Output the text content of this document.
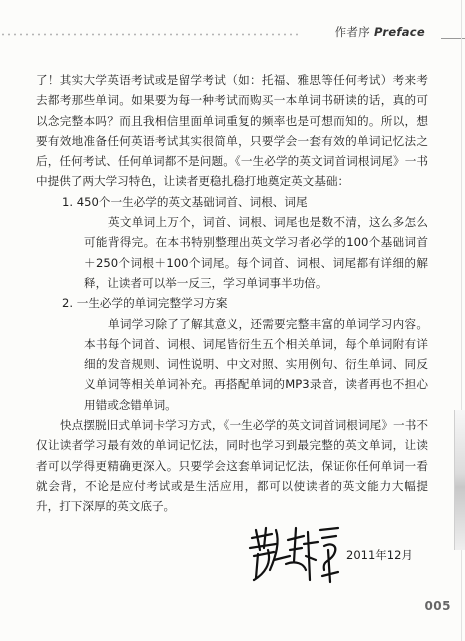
作者序 Preface

了！其实大学英语考试或是留学考试（如：托福、雅思等任何考试）考来考去都考那些单词。如果要为每一种考试而购买一本单词书研读的话，真的可以念完整本吗？而且我相信里面单词重复的频率也是可想而知的。所以，想要有效地准备任何英语考试其实很简单，只要学会一套有效的单词记忆法之后，任何考试、任何单词都不是问题。《一生必学的英文词首词根词尾》一书中提供了两大学习特色，让读者更稳扎稳打地奠定英文基础：

1. 450个一生必学的英文基础词首、词根、词尾

英文单词上万个，词首、词根、词尾也是数不清，这么多怎么可能背得完。在本书特别整理出英文学习者必学的100个基础词首＋250个词根＋100个词尾。每个词首、词根、词尾都有详细的解释，让读者可以举一反三，学习单词事半功倍。

2. 一生必学的单词完整学习方案

单词学习除了了解其意义，还需要完整丰富的单词学习内容。本书每个词首、词根、词尾皆衍生五个相关单词，每个单词附有详细的发音规则、词性说明、中文对照、实用例句、衍生单词、同反义单词等相关单词补充。再搭配单词的MP3录音，读者再也不担心用错或念错单词。

快点摆脱旧式单词卡学习方式，《一生必学的英文词首词根词尾》一书不仅让读者学习最有效的单词记忆法，同时也学习到最完整的英文单词，让读者可以学得更精确更深入。只要学会这套单词记忆法，保证你任何单词一看就会背，不论是应付考试或是生活应用，都可以使读者的英文能力大幅提升，打下深厚的英文底子。

2011年12月
005
